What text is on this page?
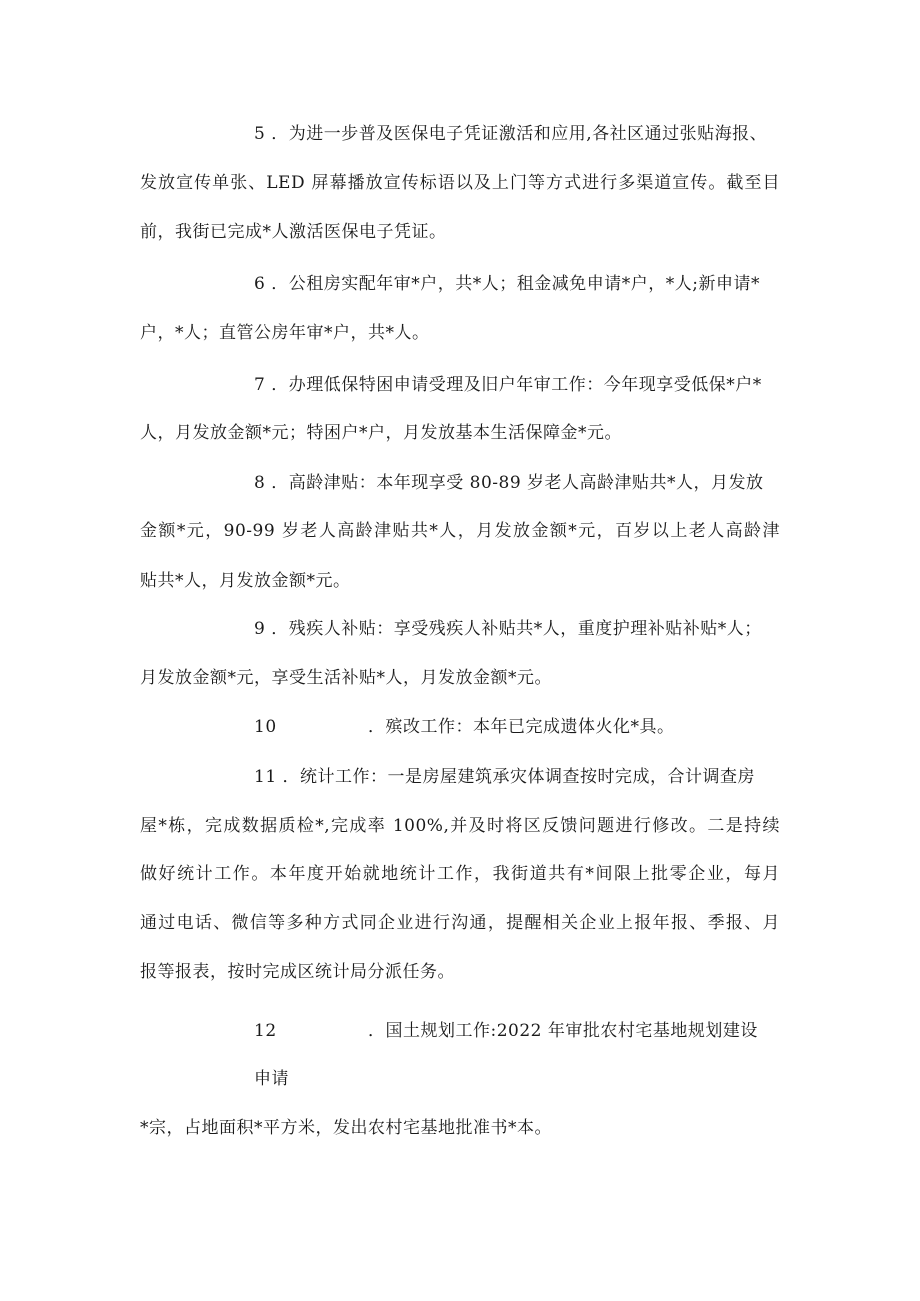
5 ．为进一步普及医保电子凭证激活和应用,各社区通过张贴海报、
发放宣传单张、LED 屏幕播放宣传标语以及上门等方式进行多渠道宣传。截至目
前，我街已完成*人激活医保电子凭证。
6 ．公租房实配年审*户，共*人；租金减免申请*户，*人;新申请*
户，*人；直管公房年审*户，共*人。
7 ．办理低保特困申请受理及旧户年审工作：今年现享受低保*户*
人，月发放金额*元；特困户*户，月发放基本生活保障金*元。
8 ．高龄津贴：本年现享受 80-89 岁老人高龄津贴共*人，月发放
金额*元，90-99 岁老人高龄津贴共*人，月发放金额*元，百岁以上老人高龄津
贴共*人，月发放金额*元。
9 ．残疾人补贴：享受残疾人补贴共*人，重度护理补贴补贴*人；
月发放金额*元，享受生活补贴*人，月发放金额*元。
10	．殡改工作：本年已完成遗体火化*具。
11 ．统计工作：一是房屋建筑承灾体调查按时完成，合计调查房
屋*栋，完成数据质检*,完成率 100%,并及时将区反馈问题进行修改。二是持续
做好统计工作。本年度开始就地统计工作，我街道共有*间限上批零企业，每月
通过电话、微信等多种方式同企业进行沟通，提醒相关企业上报年报、季报、月
报等报表，按时完成区统计局分派任务。
12	．国土规划工作:2022 年审批农村宅基地规划建设
申请
*宗，占地面积*平方米，发出农村宅基地批准书*本。
